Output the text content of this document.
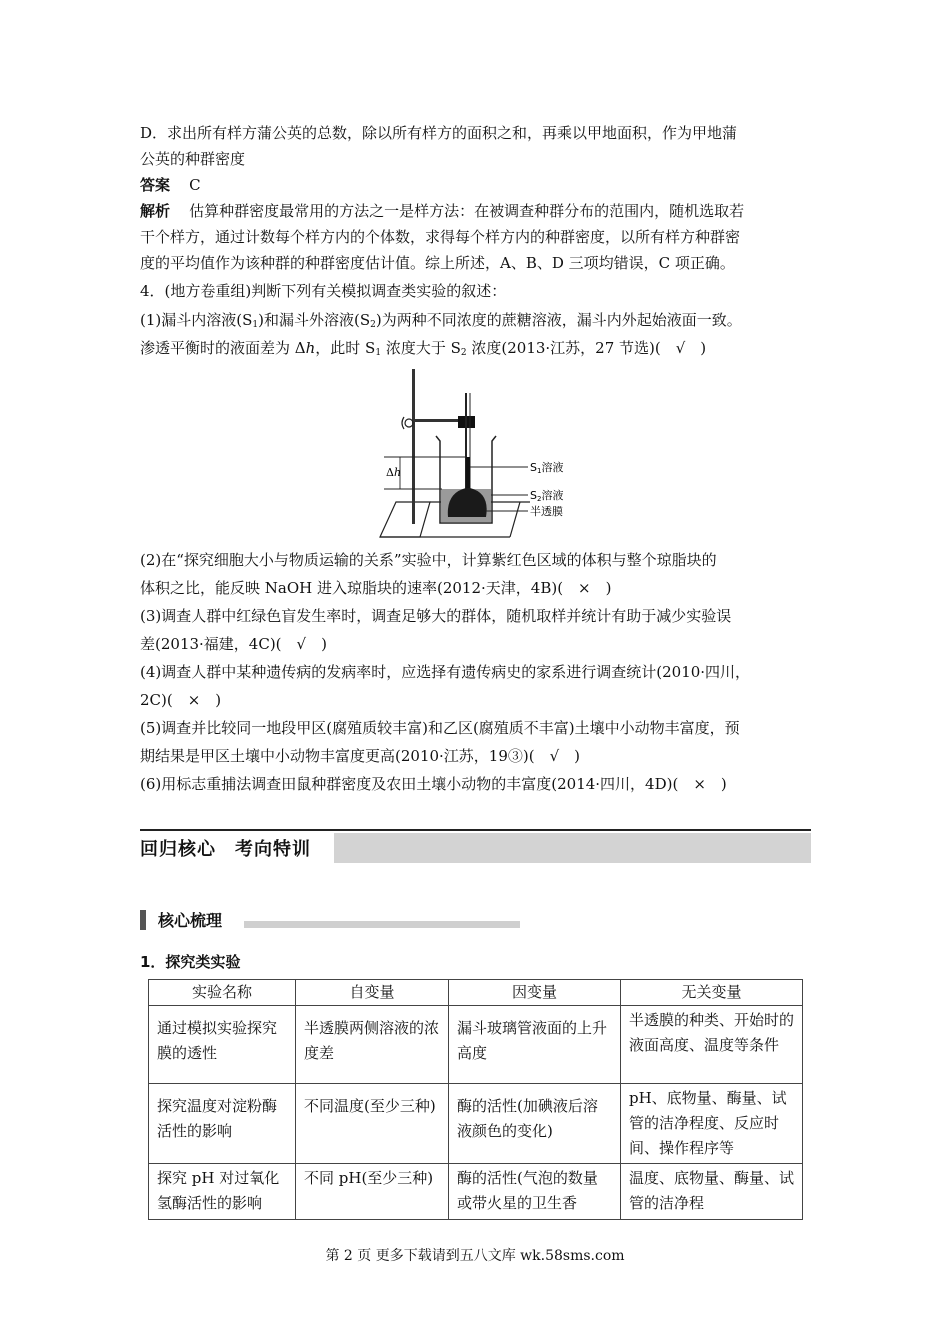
D．求出所有样方蒲公英的总数，除以所有样方的面积之和，再乘以甲地面积，作为甲地蒲
公英的种群密度
答案 C
解析 估算种群密度最常用的方法之一是样方法：在被调查种群分布的范围内，随机选取若
干个样方，通过计数每个样方内的个体数，求得每个样方内的种群密度，以所有样方种群密
度的平均值作为该种群的种群密度估计值。综上所述，A、B、D 三项均错误，C 项正确。
4．(地方卷重组)判断下列有关模拟调查类实验的叙述：
(1)漏斗内溶液$(S_1)$和漏斗外溶液$(S_2)$为两种不同浓度的蔗糖溶液，漏斗内外起始液面一致。
渗透平衡时的液面差为 Δh，此时 $S_1$ 浓度大于 $S_2$ 浓度(2013·江苏，27 节选)(　√　)
Δh	S1溶液
S2溶液
半透膜
(2)在“探究细胞大小与物质运输的关系”实验中，计算紫红色区域的体积与整个琼脂块的
体积之比，能反映 NaOH 进入琼脂块的速率(2012·天津，4B)(　×　)
(3)调查人群中红绿色盲发生率时，调查足够大的群体，随机取样并统计有助于减少实验误
差(2013·福建，4C)(　√　)
(4)调查人群中某种遗传病的发病率时，应选择有遗传病史的家系进行调查统计(2010·四川，
2C)(　×　)
(5)调查并比较同一地段甲区(腐殖质较丰富)和乙区(腐殖质不丰富)土壤中小动物丰富度，预
期结果是甲区土壤中小动物丰富度更高(2010·江苏，19③)(　√　)
(6)用标志重捕法调查田鼠种群密度及农田土壤小动物的丰富度(2014·四川，4D)(　×　)
回归核心　考向特训
核心梳理
1．探究类实验
实验名称	自变量	因变量	无关变量
通过模拟实验探究膜的透性	半透膜两侧溶液的浓度差	漏斗玻璃管液面的上升高度	半透膜的种类、开始时的液面高度、温度等条件
探究温度对淀粉酶活性的影响	不同温度(至少三种)	酶的活性(加碘液后溶液颜色的变化)	pH、底物量、酶量、试管的洁净程度、反应时间、操作程序等
探究 pH 对过氧化氢酶活性的影响	不同 pH(至少三种)	酶的活性(气泡的数量或带火星的卫生香	温度、底物量、酶量、试管的洁净程
第 2 页 更多下载请到五八文库 wk.58sms.com
